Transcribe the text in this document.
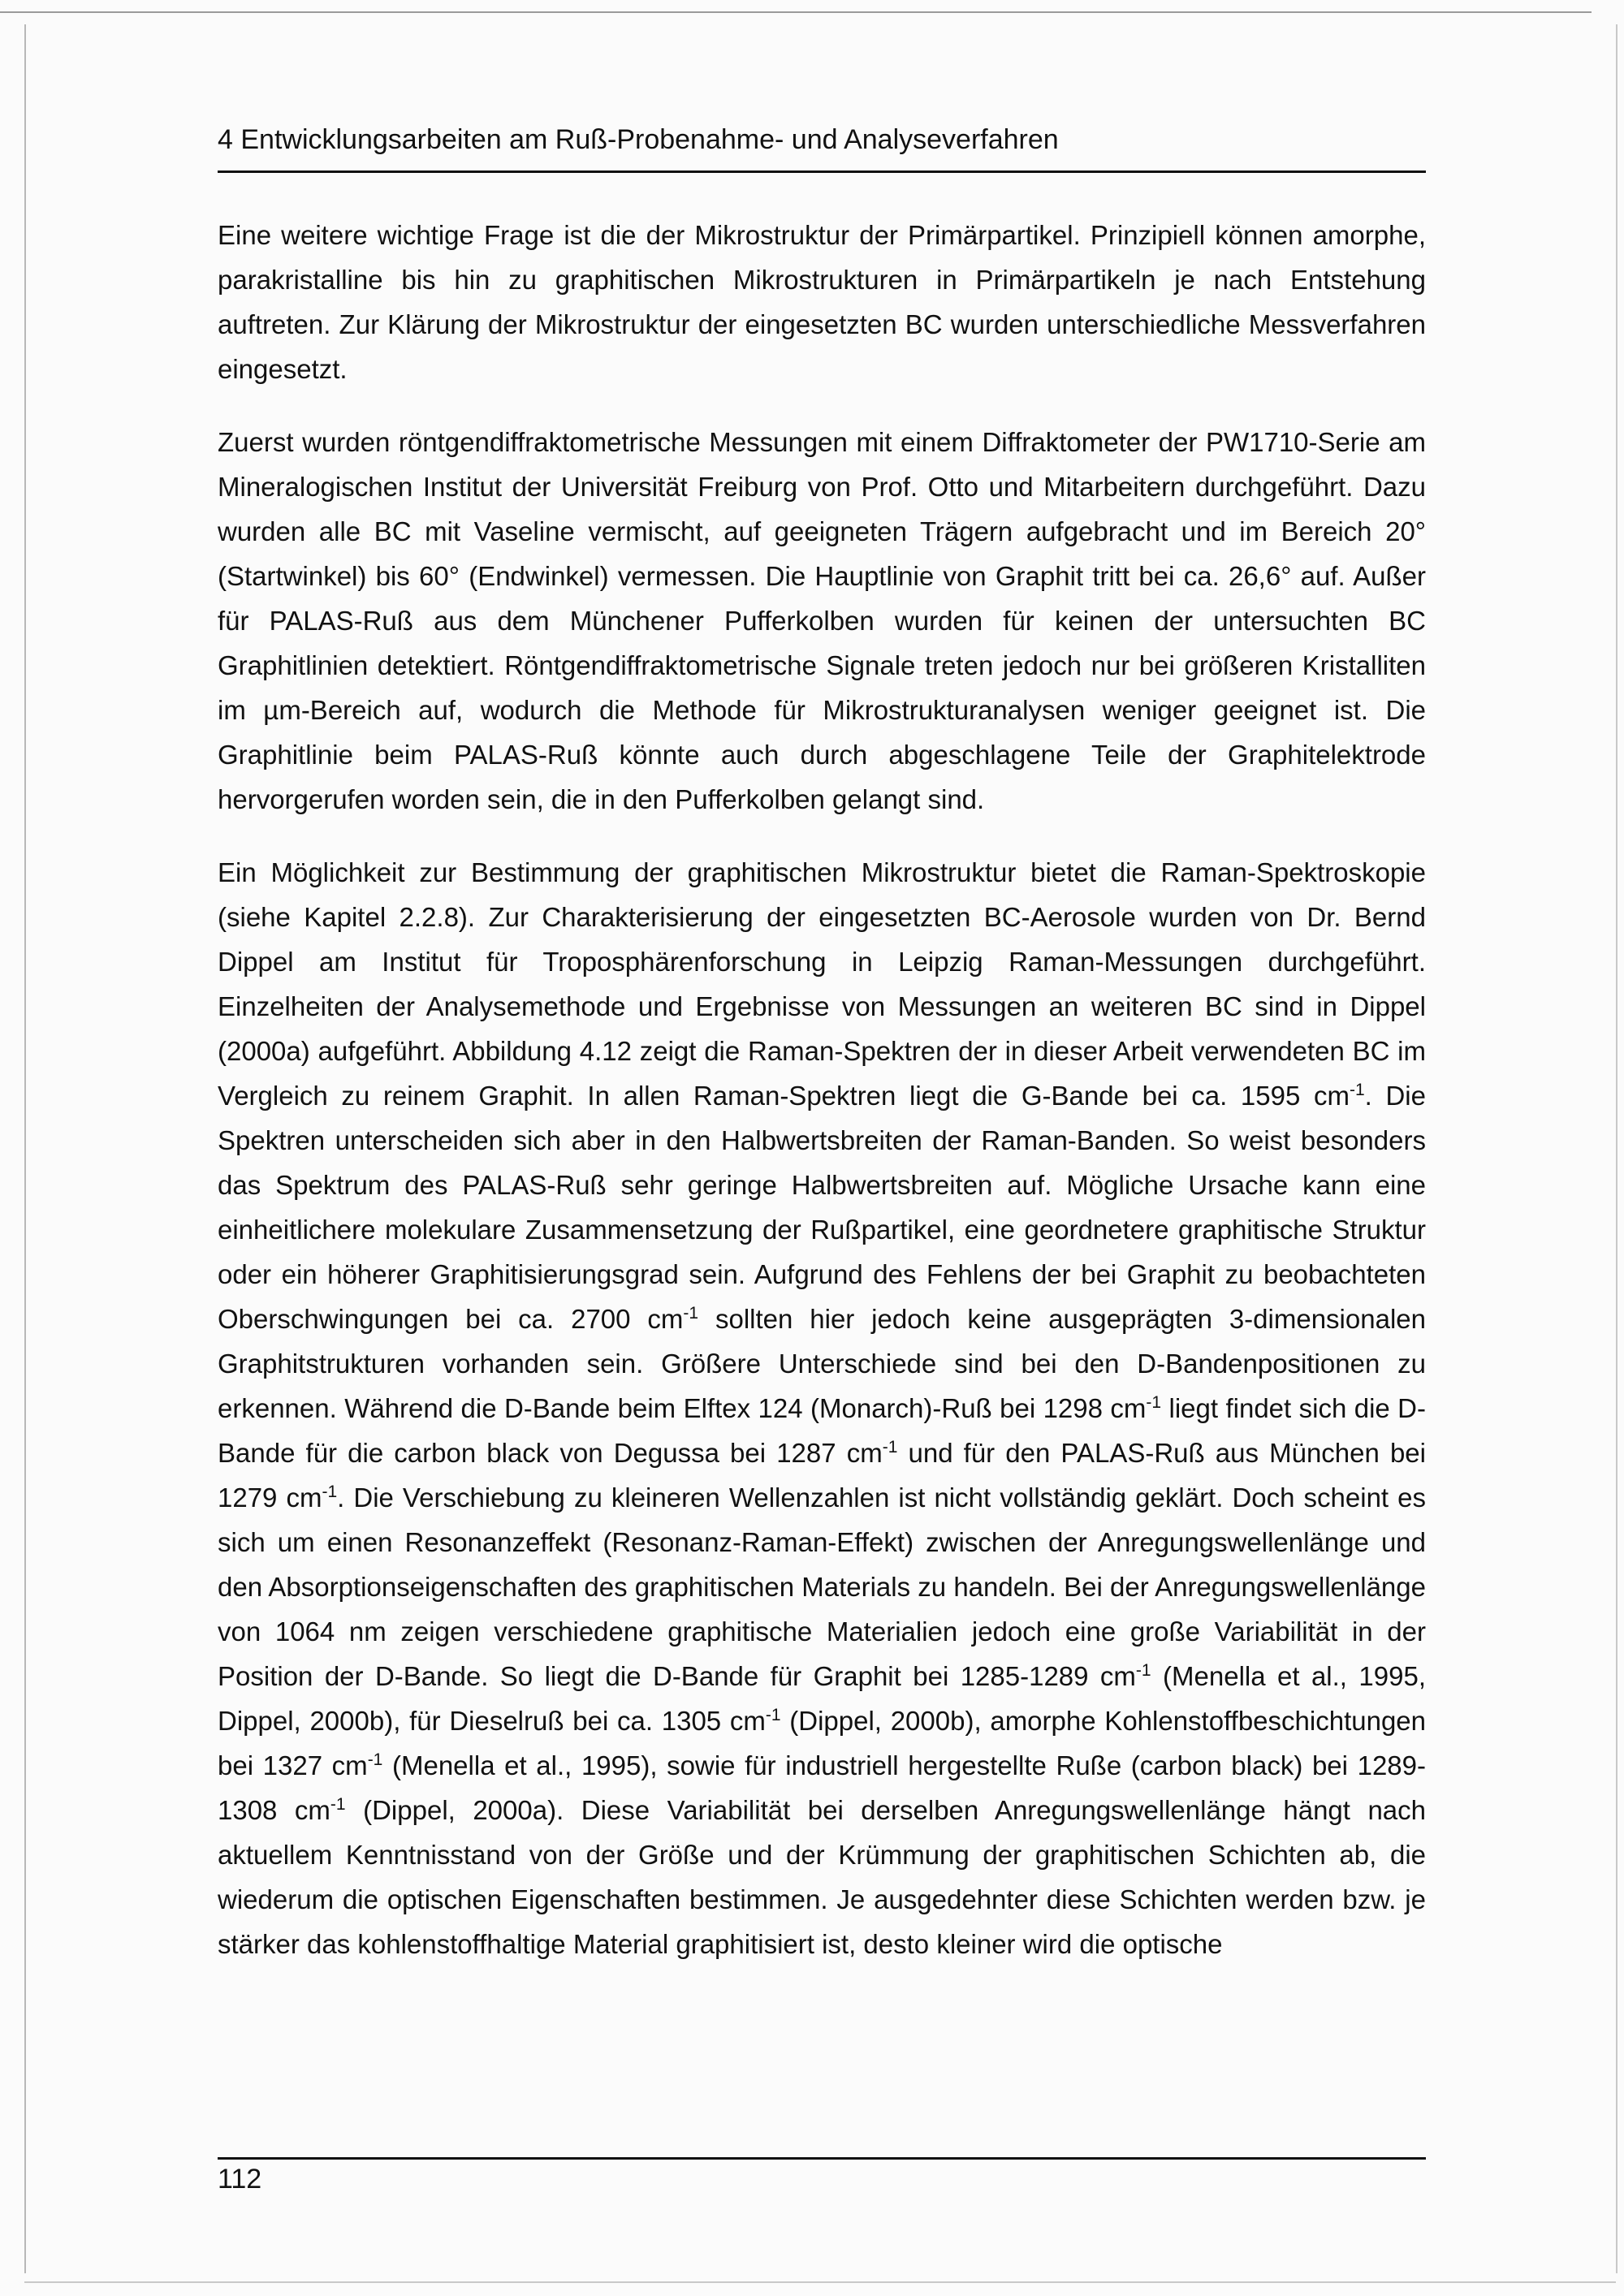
4 Entwicklungsarbeiten am Ruß-Probenahme- und Analyseverfahren

Eine weitere wichtige Frage ist die der Mikrostruktur der Primärpartikel. Prinzipiell können amorphe, parakristalline bis hin zu graphitischen Mikrostrukturen in Primärpartikeln je nach Entstehung auftreten. Zur Klärung der Mikrostruktur der eingesetzten BC wurden unterschiedliche Messverfahren eingesetzt.

Zuerst wurden röntgendiffraktometrische Messungen mit einem Diffraktometer der PW1710-Serie am Mineralogischen Institut der Universität Freiburg von Prof. Otto und Mitarbeitern durchgeführt. Dazu wurden alle BC mit Vaseline vermischt, auf geeigneten Trägern aufgebracht und im Bereich 20° (Startwinkel) bis 60° (Endwinkel) vermessen. Die Hauptlinie von Graphit tritt bei ca. 26,6° auf. Außer für PALAS-Ruß aus dem Münchener Pufferkolben wurden für keinen der untersuchten BC Graphitlinien detektiert. Röntgendiffraktometrische Signale treten jedoch nur bei größeren Kristalliten im µm-Bereich auf, wodurch die Methode für Mikrostrukturanalysen weniger geeignet ist. Die Graphitlinie beim PALAS-Ruß könnte auch durch abgeschlagene Teile der Graphitelektrode hervorgerufen worden sein, die in den Pufferkolben gelangt sind.

Ein Möglichkeit zur Bestimmung der graphitischen Mikrostruktur bietet die Raman-Spektroskopie (siehe Kapitel 2.2.8). Zur Charakterisierung der eingesetzten BC-Aerosole wurden von Dr. Bernd Dippel am Institut für Troposphärenforschung in Leipzig Raman-Messungen durchgeführt. Einzelheiten der Analysemethode und Ergebnisse von Messungen an weiteren BC sind in Dippel (2000a) aufgeführt. Abbildung 4.12 zeigt die Raman-Spektren der in dieser Arbeit verwendeten BC im Vergleich zu reinem Graphit. In allen Raman-Spektren liegt die G-Bande bei ca. 1595 $cm^{-1}$. Die Spektren unterscheiden sich aber in den Halbwertsbreiten der Raman-Banden. So weist besonders das Spektrum des PALAS-Ruß sehr geringe Halbwertsbreiten auf. Mögliche Ursache kann eine einheitlichere molekulare Zusammensetzung der Rußpartikel, eine geordnetere graphitische Struktur oder ein höherer Graphitisierungsgrad sein. Aufgrund des Fehlens der bei Graphit zu beobachteten Oberschwingungen bei ca. 2700 $cm^{-1}$ sollten hier jedoch keine ausgeprägten 3-dimensionalen Graphitstrukturen vorhanden sein. Größere Unterschiede sind bei den D-Bandenpositionen zu erkennen. Während die D-Bande beim Elftex 124 (Monarch)-Ruß bei 1298 $cm^{-1}$ liegt findet sich die D-Bande für die carbon black von Degussa bei 1287 $cm^{-1}$ und für den PALAS-Ruß aus München bei 1279 $cm^{-1}$. Die Verschiebung zu kleineren Wellenzahlen ist nicht vollständig geklärt. Doch scheint es sich um einen Resonanzeffekt (Resonanz-Raman-Effekt) zwischen der Anregungswellenlänge und den Absorptionseigenschaften des graphitischen Materials zu handeln. Bei der Anregungswellenlänge von 1064 nm zeigen verschiedene graphitische Materialien jedoch eine große Variabilität in der Position der D-Bande. So liegt die D-Bande für Graphit bei 1285-1289 $cm^{-1}$ (Menella et al., 1995, Dippel, 2000b), für Dieselruß bei ca. 1305 $cm^{-1}$ (Dippel, 2000b), amorphe Kohlenstoffbeschichtungen bei 1327 $cm^{-1}$ (Menella et al., 1995), sowie für industriell hergestellte Ruße (carbon black) bei 1289-1308 $cm^{-1}$ (Dippel, 2000a). Diese Variabilität bei derselben Anregungswellenlänge hängt nach aktuellem Kenntnisstand von der Größe und der Krümmung der graphitischen Schichten ab, die wiederum die optischen Eigenschaften bestimmen. Je ausgedehnter diese Schichten werden bzw. je stärker das kohlenstoffhaltige Material graphitisiert ist, desto kleiner wird die optische

112
